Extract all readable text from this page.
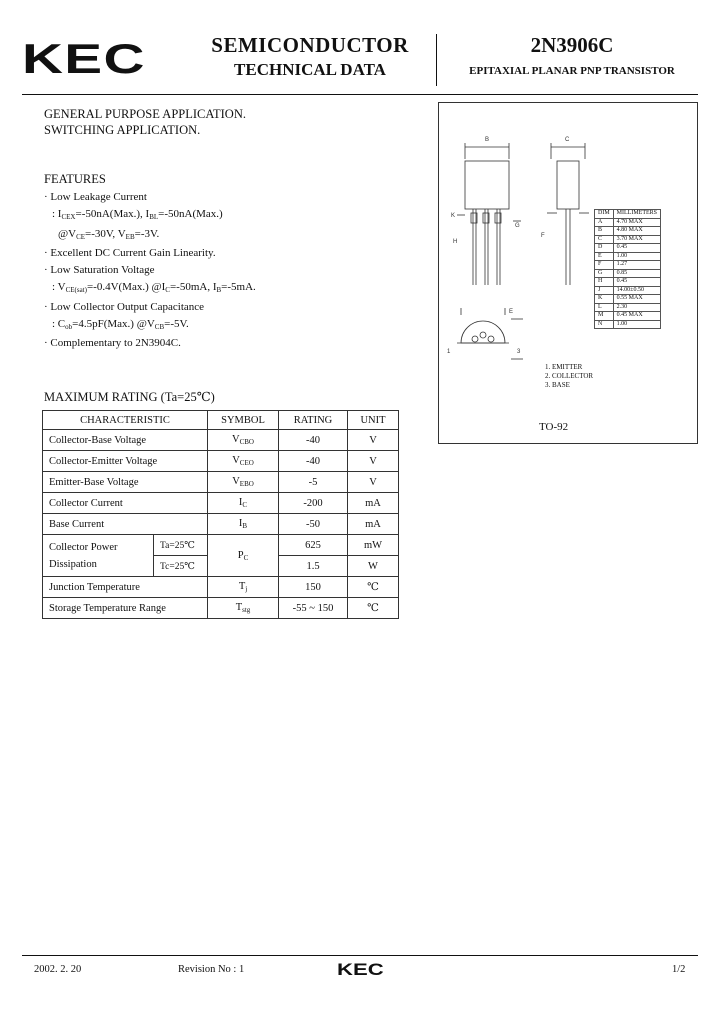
KEC	SEMICONDUCTOR
TECHNICAL DATA
2N3906C
EPITAXIAL PLANAR PNP TRANSISTOR
GENERAL PURPOSE APPLICATION.
SWITCHING APPLICATION.
FEATURES
· Low Leakage Current
: $I_{CEX}=-50nA(Max.)$, $I_{BL}=-50nA(Max.)$
$@V_{CE}=-30V$, $V_{EB}=-3V$.
· Excellent DC Current Gain Linearity.
· Low Saturation Voltage
: $V_{CE(sat)}=-0.4V(Max.)$ $@I_C=-50mA$, $I_B=-5mA$.
· Low Collector Output Capacitance
: $C_{ob}=4.5pF(Max.)$ $@V_{CB}=-5V$.
· Complementary to 2N3904C.
MAXIMUM RATING (Ta=25℃)
CHARACTERISTIC		SYMBOL	RATING	UNIT
Collector-Base Voltage		$V_{CBO}$	-40	V
Collector-Emitter Voltage		$V_{CEO}$	-40	V
Emitter-Base Voltage		$V_{EBO}$	-5	V
Collector Current		$I_C$	-200	mA
Base Current		$I_B$	-50	mA

Collector Power
Dissipation	Ta=25℃	$P_C$	625	mW
	Tc=25℃		1.5	W
Junction Temperature		$T_j$	150	℃
Storage Temperature Range		$T_{stg}$	-55 ~ 150	℃
B	C
K
G
H
F
E
1	3
1. EMITTER
2. COLLECTOR
3. BASE
TO-92
DIM	MILLIMETERS
A	4.70 MAX
B	4.80 MAX
C	3.70 MAX
D	0.45
E	1.00
F	1.27
G	0.85
H	0.45
J	14.00±0.50
K	0.55 MAX
L	2.30
M	0.45 MAX
N	1.00
2002. 2. 20	Revision No : 1	KEC	1/2
